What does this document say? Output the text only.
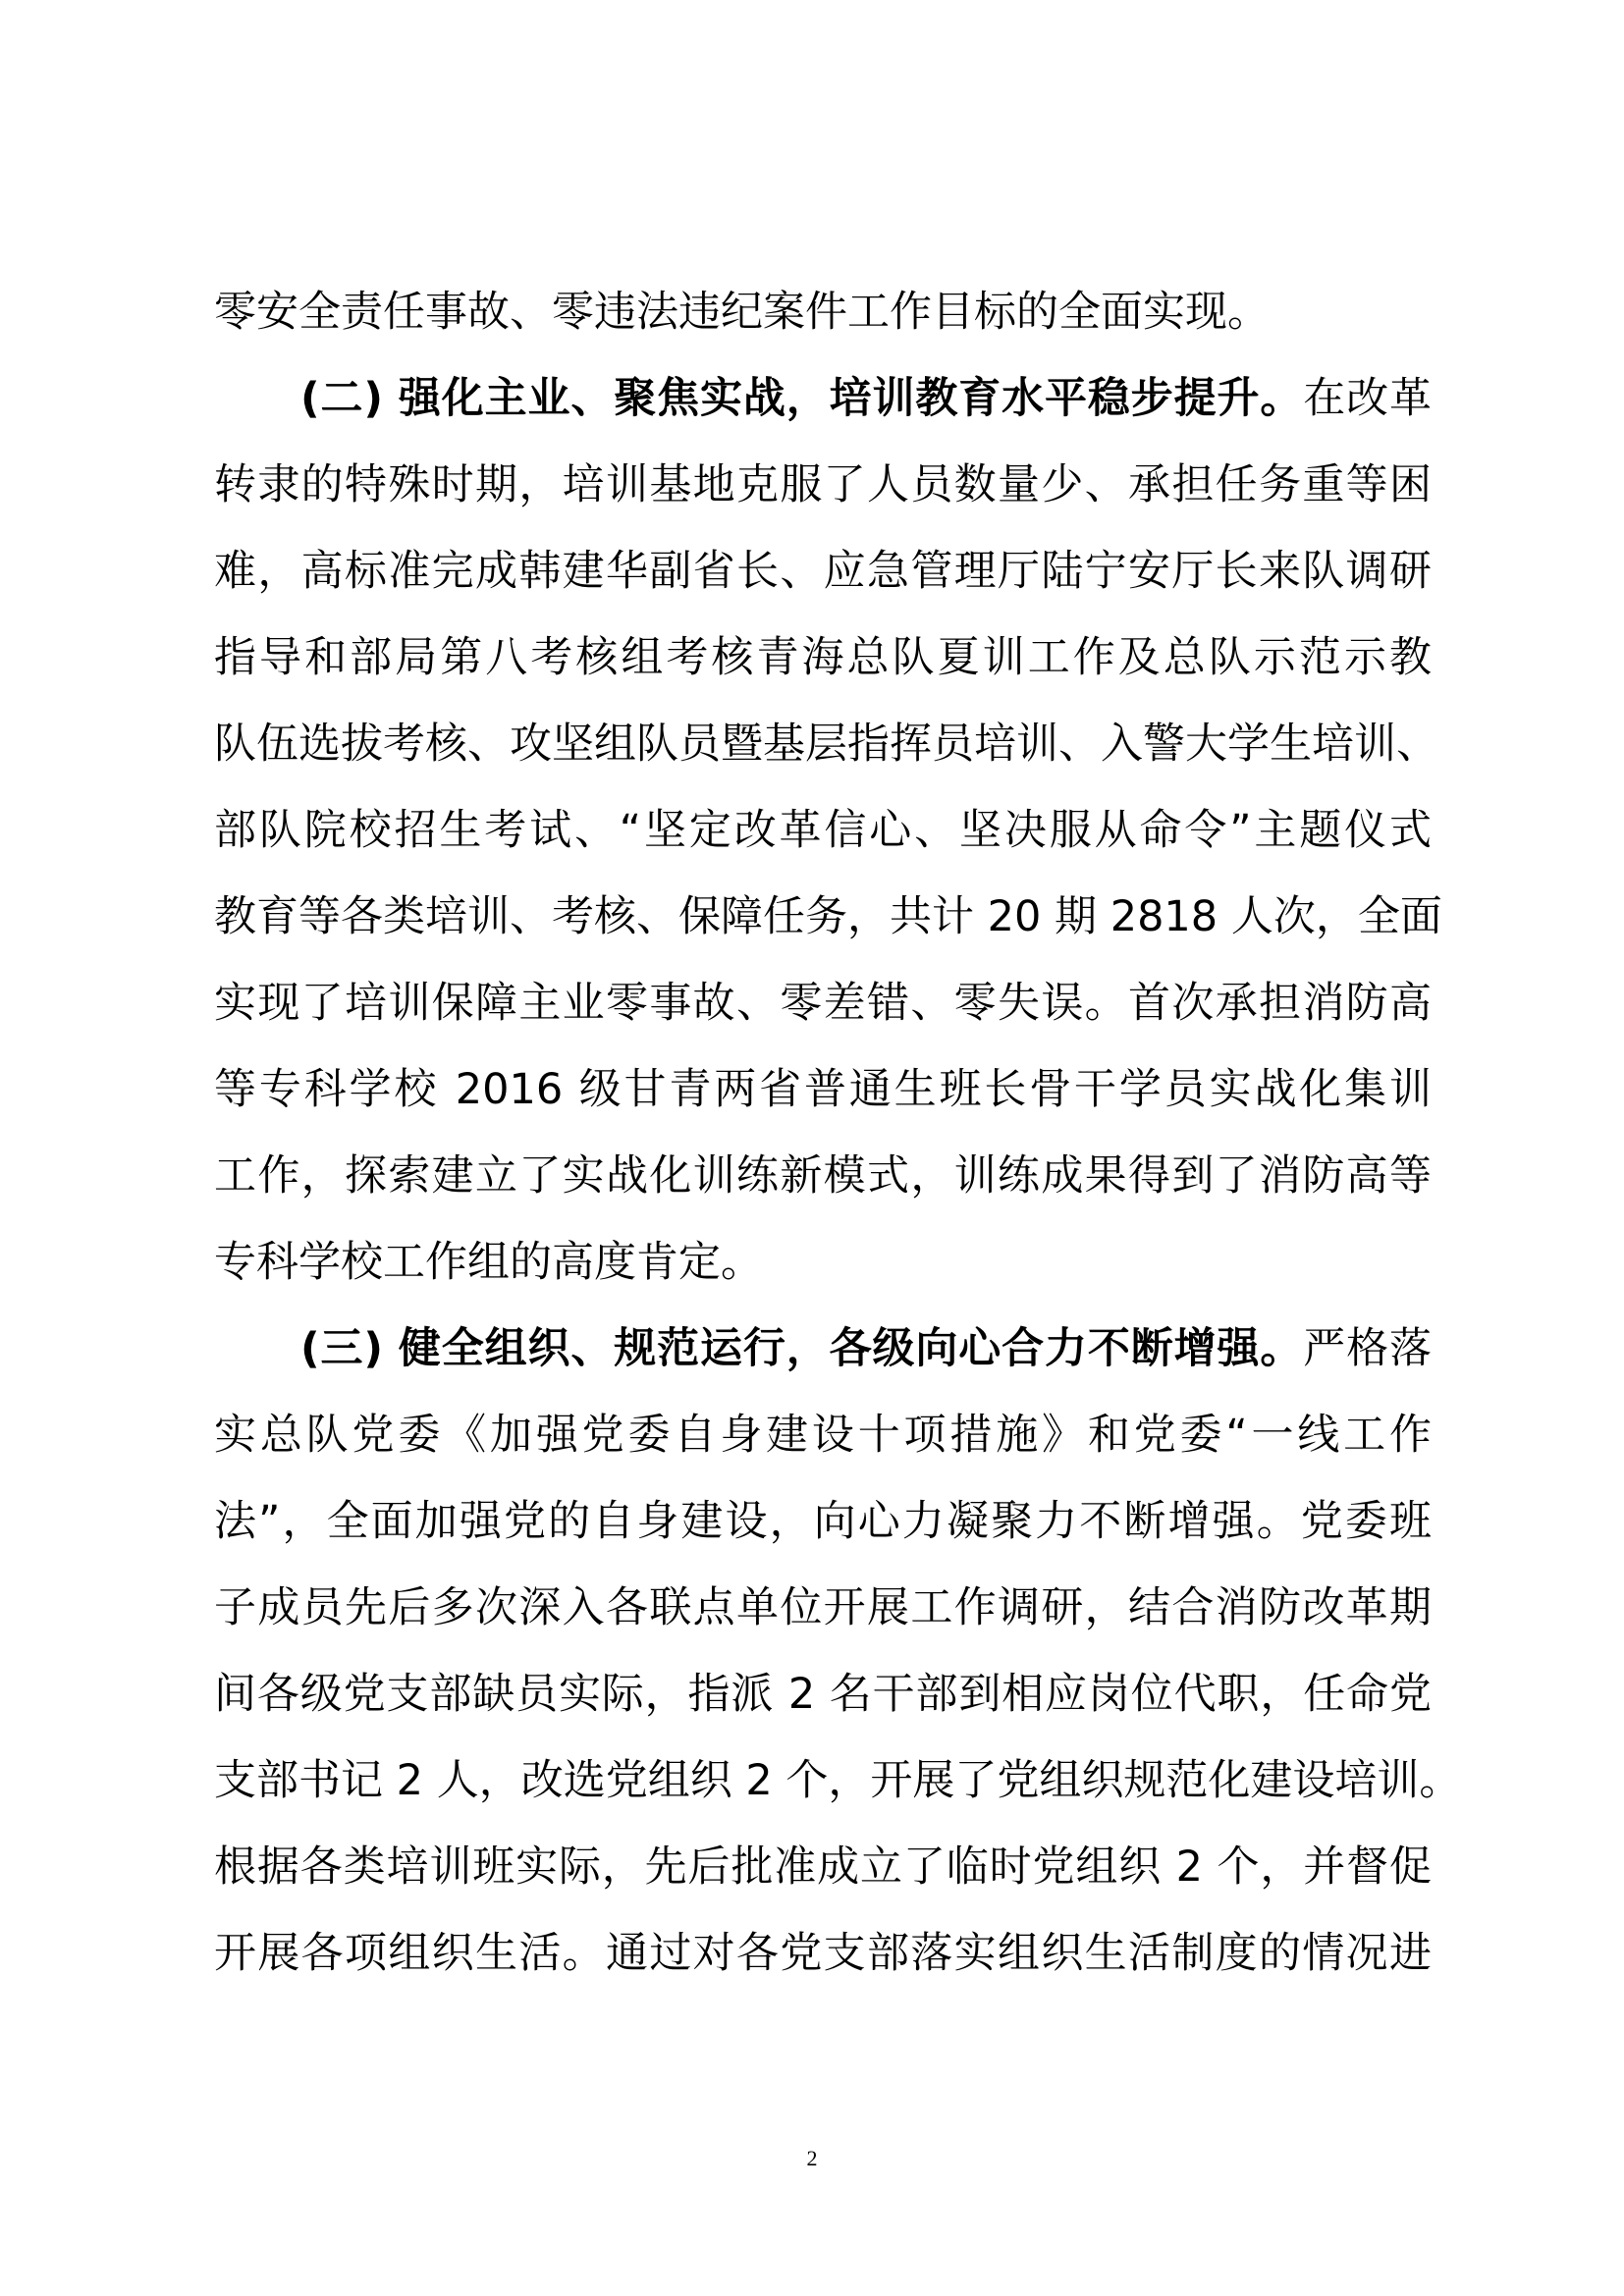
零安全责任事故、零违法违纪案件工作目标的全面实现。
(二) 强化主业、聚焦实战，培训教育水平稳步提升。在改革
转隶的特殊时期，培训基地克服了人员数量少、承担任务重等困
难，高标准完成韩建华副省长、应急管理厅陆宁安厅长来队调研
指导和部局第八考核组考核青海总队夏训工作及总队示范示教
队伍选拔考核、攻坚组队员暨基层指挥员培训、入警大学生培训、
部队院校招生考试、“坚定改革信心、坚决服从命令”主题仪式
教育等各类培训、考核、保障任务，共计 20 期 2818 人次，全面
实现了培训保障主业零事故、零差错、零失误。首次承担消防高
等专科学校 2016 级甘青两省普通生班长骨干学员实战化集训
工作，探索建立了实战化训练新模式，训练成果得到了消防高等
专科学校工作组的高度肯定。
(三) 健全组织、规范运行，各级向心合力不断增强。严格落
实总队党委《加强党委自身建设十项措施》和党委“一线工作
法”，全面加强党的自身建设，向心力凝聚力不断增强。党委班
子成员先后多次深入各联点单位开展工作调研，结合消防改革期
间各级党支部缺员实际，指派 2 名干部到相应岗位代职，任命党
支部书记 2 人，改选党组织 2 个，开展了党组织规范化建设培训。
根据各类培训班实际，先后批准成立了临时党组织 2 个，并督促
开展各项组织生活。通过对各党支部落实组织生活制度的情况进
2
